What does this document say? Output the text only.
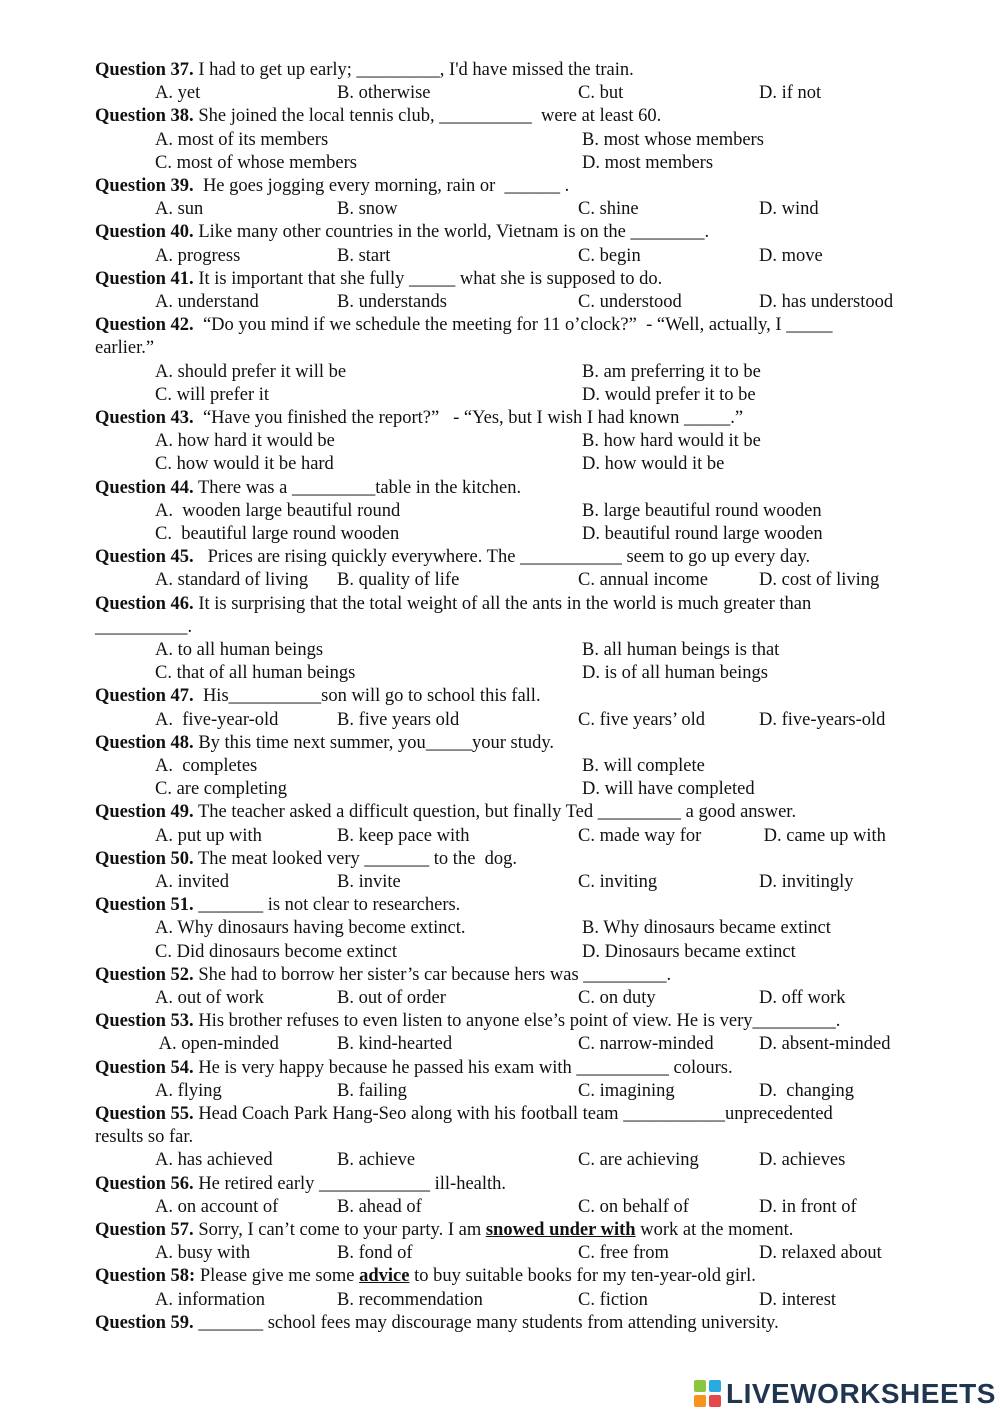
Question 37. I had to get up early; _________, I'd have missed the train.
A. yet	B. otherwise	C. but	D. if not
Question 38. She joined the local tennis club, __________  were at least 60.
A. most of its members	B. most whose members
C. most of whose members	D. most members
Question 39.  He goes jogging every morning, rain or  ______ .
A. sun	B. snow	C. shine	D. wind
Question 40. Like many other countries in the world, Vietnam is on the ________.
A. progress	B. start	C. begin	D. move
Question 41. It is important that she fully _____ what she is supposed to do.
A. understand	B. understands	C. understood	D. has understood
Question 42.  “Do you mind if we schedule the meeting for 11 o’clock?”  - “Well, actually, I _____
earlier.”
A. should prefer it will be	B. am preferring it to be
C. will prefer it	D. would prefer it to be
Question 43.  “Have you finished the report?”   - “Yes, but I wish I had known _____.”
A. how hard it would be	B. how hard would it be
C. how would it be hard	D. how would it be
Question 44. There was a _________table in the kitchen.
A.  wooden large beautiful round	B. large beautiful round wooden
C.  beautiful large round wooden	D. beautiful round large wooden
Question 45.   Prices are rising quickly everywhere. The ___________ seem to go up every day.
A. standard of living B. quality of life	C. annual income	D. cost of living
Question 46. It is surprising that the total weight of all the ants in the world is much greater than
__________.
A. to all human beings	B. all human beings is that
C. that of all human beings	D. is of all human beings
Question 47.  His__________son will go to school this fall.
A.  five-year-old	B. five years old	C. five years’ old	D. five-years-old
Question 48. By this time next summer, you_____your study.
A.  completes	B. will complete
C. are completing	D. will have completed
Question 49. The teacher asked a difficult question, but finally Ted _________ a good answer.
A. put up with	B. keep pace with	C. made way for	D. came up with
Question 50. The meat looked very _______ to the  dog.
A. invited	B. invite	C. inviting	D. invitingly
Question 51. _______ is not clear to researchers.
A. Why dinosaurs having become extinct.	B. Why dinosaurs became extinct
C. Did dinosaurs become extinct	D. Dinosaurs became extinct
Question 52. She had to borrow her sister’s car because hers was _________.
A. out of work	B. out of order	C. on duty	D. off work
Question 53. His brother refuses to even listen to anyone else’s point of view. He is very_________.
A. open-minded	B. kind-hearted	C. narrow-minded D. absent-minded
Question 54. He is very happy because he passed his exam with __________ colours.
A. flying	B. failing	C. imagining	D.  changing
Question 55. Head Coach Park Hang-Seo along with his football team ___________unprecedented
results so far.
A. has achieved	B. achieve	C. are achieving	D. achieves
Question 56. He retired early ____________ ill-health.
A. on account of	B. ahead of	C. on behalf of	D. in front of
Question 57. Sorry, I can’t come to your party. I am snowed under with work at the moment.
A. busy with	B. fond of	C. free from	D. relaxed about
Question 58: Please give me some advice to buy suitable books for my ten-year-old girl.
A. information	B. recommendation	C. fiction	D. interest
Question 59. _______ school fees may discourage many students from attending university.
LIVEWORKSHEETS
